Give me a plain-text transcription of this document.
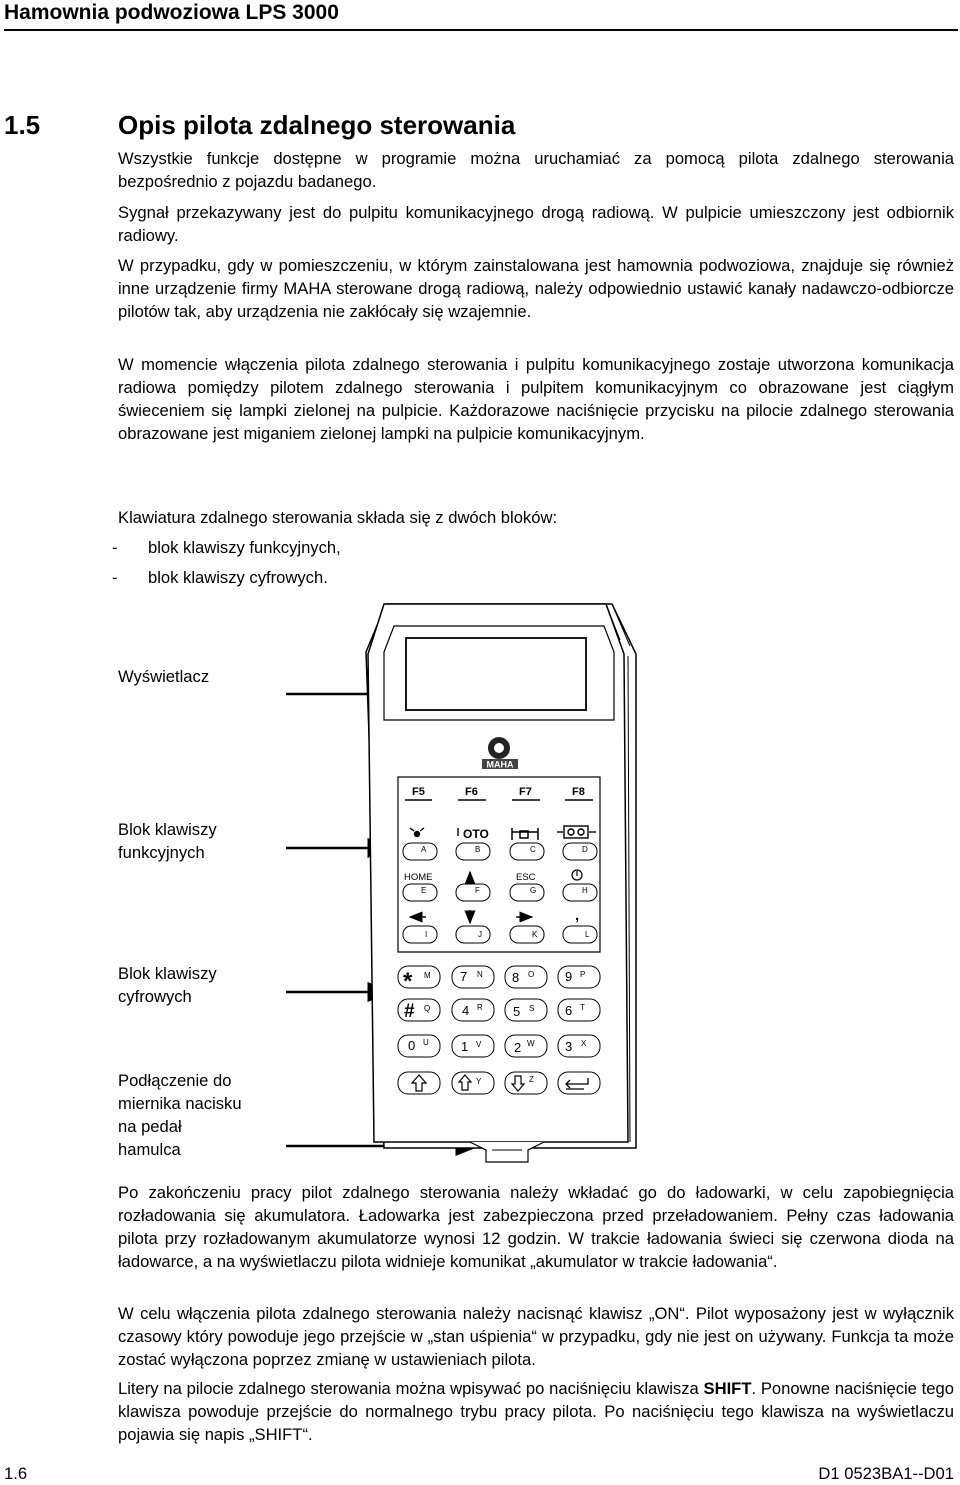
Hamownia podwoziowa LPS 3000
1.5	Opis pilota zdalnego sterowania

Wszystkie funkcje dostępne w programie można uruchamiać za pomocą pilota zdalnego sterowania bezpośrednio z pojazdu badanego.

Sygnał przekazywany jest do pulpitu komunikacyjnego drogą radiową. W pulpicie umieszczony jest odbiornik radiowy.

W przypadku, gdy w pomieszczeniu, w którym zainstalowana jest hamownia podwoziowa, znajduje się również inne urządzenie firmy MAHA sterowane drogą radiową, należy odpowiednio ustawić kanały nadawczo-odbiorcze pilotów tak, aby urządzenia nie zakłócały się wzajemnie.

W momencie włączenia pilota zdalnego sterowania i pulpitu komunikacyjnego zostaje utworzona komunikacja radiowa pomiędzy pilotem zdalnego sterowania i pulpitem komunikacyjnym co obrazowane jest ciągłym świeceniem się lampki zielonej na pulpicie. Każdorazowe naciśnięcie przycisku na pilocie zdalnego sterowania obrazowane jest miganiem zielonej lampki na pulpicie komunikacyjnym.

Klawiatura zdalnego sterowania składa się z dwóch bloków:

- blok klawiszy funkcyjnych,
- blok klawiszy cyfrowych.

Wyświetlacz

Blok klawiszy
funkcyjnych

Blok klawiszy
cyfrowych

Podłączenie do
miernika nacisku
na pedał
hamulca

MAHA
F5	F6	F7	F8
OTO
A	B	C	D
HOME	ESC
E	F	G	H
,
I	J	K	L
* M 7 N 8 O 9 P
# Q 4 R 5 S 6 T
0 U 1 V	2 W 3 X
Y	Z

Po zakończeniu pracy pilot zdalnego sterowania należy wkładać go do ładowarki, w celu zapobiegnięcia rozładowania się akumulatora. Ładowarka jest zabezpieczona przed przeładowaniem. Pełny czas ładowania pilota przy rozładowanym akumulatorze wynosi 12 godzin. W trakcie ładowania świeci się czerwona dioda na ładowarce, a na wyświetlaczu pilota widnieje komunikat „akumulator w trakcie ładowania“.

W celu włączenia pilota zdalnego sterowania należy nacisnąć klawisz „ON“. Pilot wyposażony jest w wyłącznik czasowy który powoduje jego przejście w „stan uśpienia“ w przypadku, gdy nie jest on używany. Funkcja ta może zostać wyłączona poprzez zmianę w ustawieniach pilota.

Litery na pilocie zdalnego sterowania można wpisywać po naciśnięciu klawisza SHIFT. Ponowne naciśnięcie tego klawisza powoduje przejście do normalnego trybu pracy pilota. Po naciśnięciu tego klawisza na wyświetlaczu pojawia się napis „SHIFT“.

1.6	D1 0523BA1--D01
